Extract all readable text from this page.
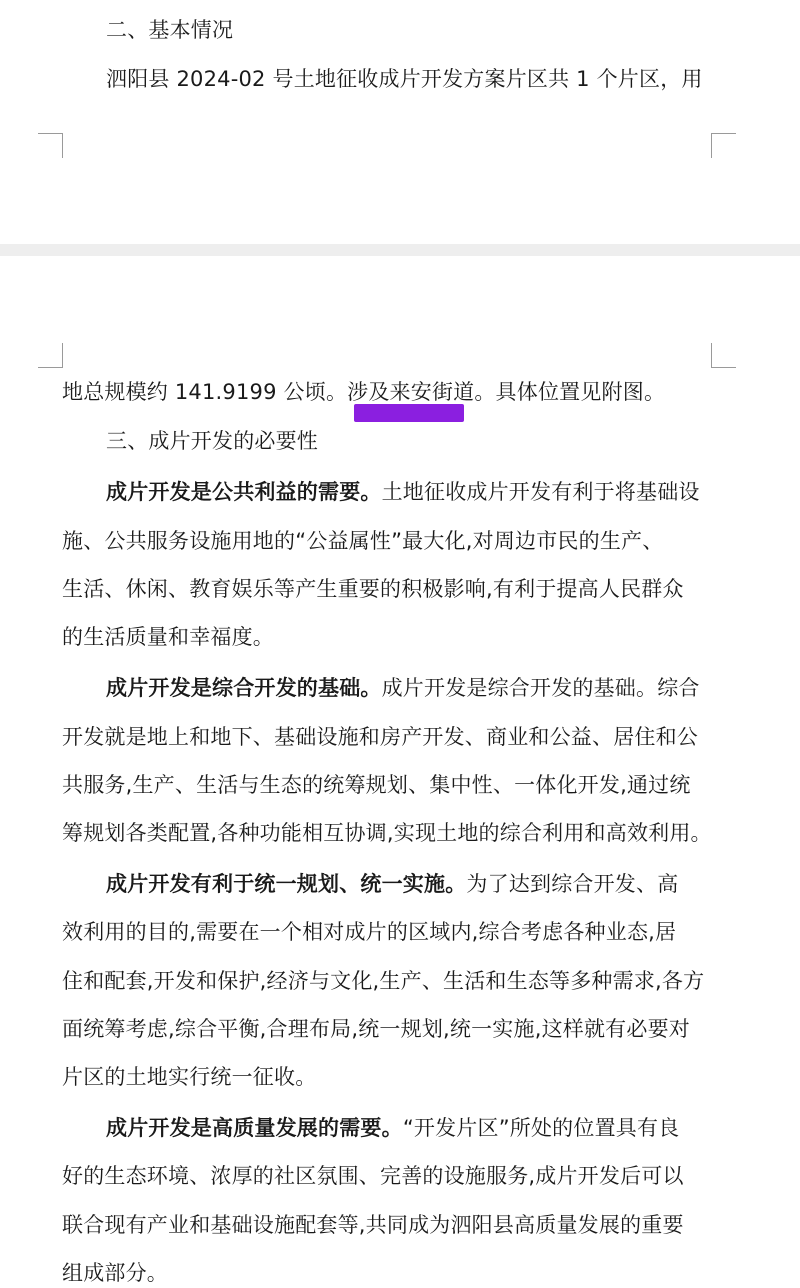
二、基本情况
泗阳县 2024-02 号土地征收成片开发方案片区共 1 个片区，用
地总规模约 141.9199 公顷。涉及来安街道。具体位置见附图。
三、成片开发的必要性
成片开发是公共利益的需要。土地征收成片开发有利于将基础设
施、公共服务设施用地的“公益属性”最大化,对周边市民的生产、
生活、休闲、教育娱乐等产生重要的积极影响,有利于提高人民群众
的生活质量和幸福度。
成片开发是综合开发的基础。成片开发是综合开发的基础。综合
开发就是地上和地下、基础设施和房产开发、商业和公益、居住和公
共服务,生产、生活与生态的统筹规划、集中性、一体化开发,通过统
筹规划各类配置,各种功能相互协调,实现土地的综合利用和高效利用。
成片开发有利于统一规划、统一实施。为了达到综合开发、高
效利用的目的,需要在一个相对成片的区域内,综合考虑各种业态,居
住和配套,开发和保护,经济与文化,生产、生活和生态等多种需求,各方
面统筹考虑,综合平衡,合理布局,统一规划,统一实施,这样就有必要对
片区的土地实行统一征收。
成片开发是高质量发展的需要。“开发片区”所处的位置具有良
好的生态环境、浓厚的社区氛围、完善的设施服务,成片开发后可以
联合现有产业和基础设施配套等,共同成为泗阳县高质量发展的重要
组成部分。
